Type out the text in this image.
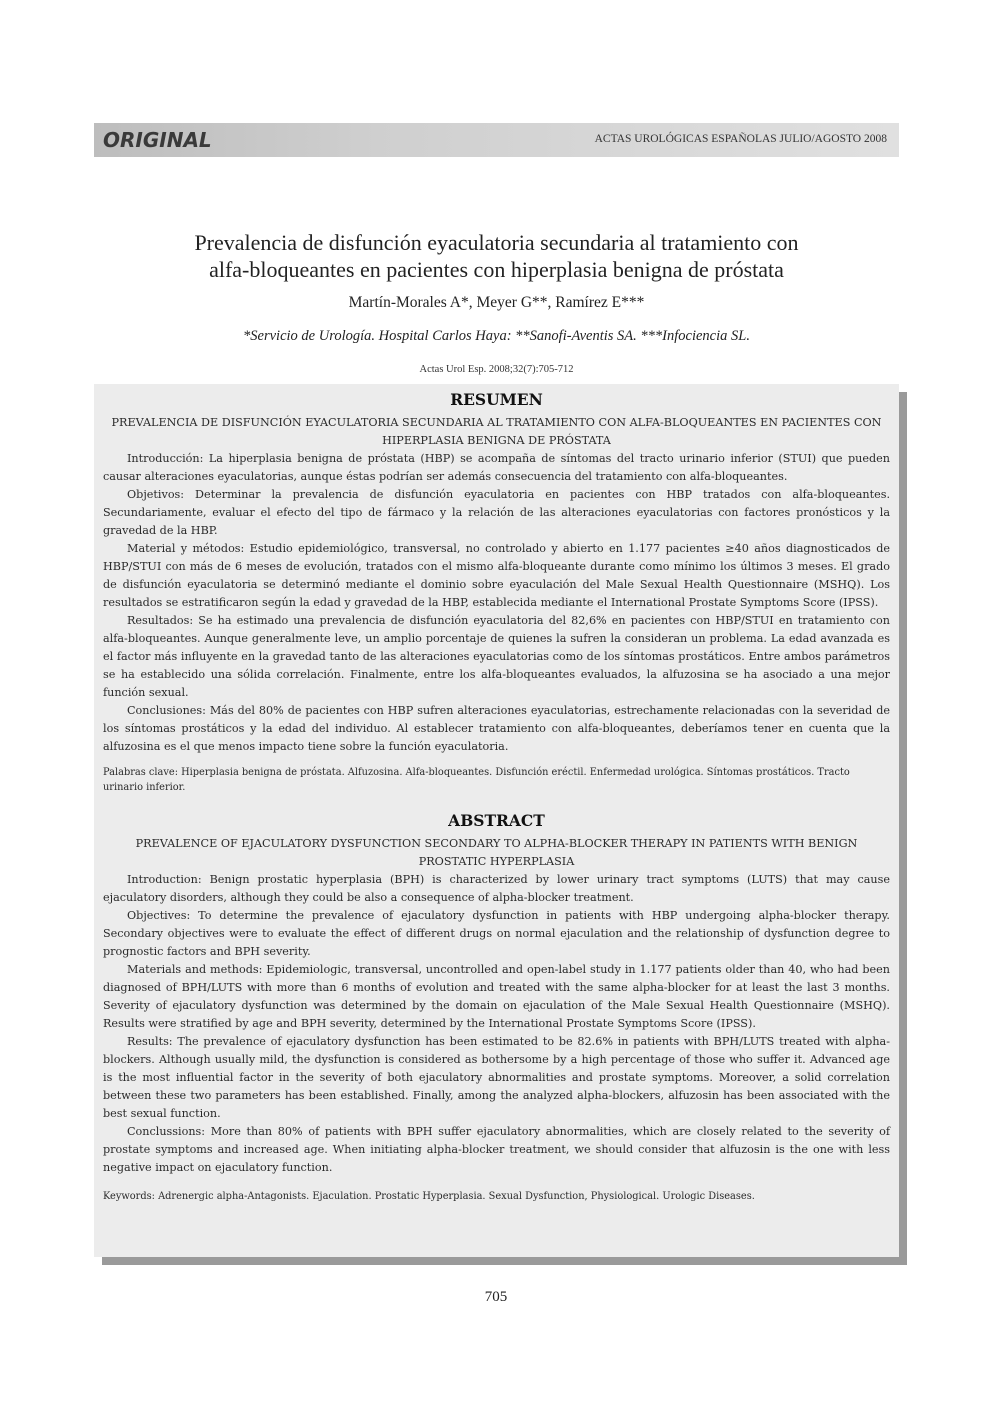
ORIGINAL	ACTAS UROLÓGICAS ESPAÑOLAS JULIO/AGOSTO 2008
Prevalencia de disfunción eyaculatoria secundaria al tratamiento con
alfa-bloqueantes en pacientes con hiperplasia benigna de próstata
Martín-Morales A*, Meyer G**, Ramírez E***
*Servicio de Urología. Hospital Carlos Haya: **Sanofi-Aventis SA. ***Infociencia SL.
Actas Urol Esp. 2008;32(7):705-712
RESUMEN
PREVALENCIA DE DISFUNCIÓN EYACULATORIA SECUNDARIA AL TRATAMIENTO CON ALFA-BLOQUEANTES EN PACIENTES CON HIPERPLASIA BENIGNA DE PRÓSTATA

Introducción: La hiperplasia benigna de próstata (HBP) se acompaña de síntomas del tracto urinario inferior (STUI) que pueden causar alteraciones eyaculatorias, aunque éstas podrían ser además consecuencia del tratamiento con alfa-bloqueantes.

Objetivos: Determinar la prevalencia de disfunción eyaculatoria en pacientes con HBP tratados con alfa-bloqueantes. Secundariamente, evaluar el efecto del tipo de fármaco y la relación de las alteraciones eyaculatorias con factores pronósticos y la gravedad de la HBP.

Material y métodos: Estudio epidemiológico, transversal, no controlado y abierto en 1.177 pacientes ≥40 años diagnosticados de HBP/STUI con más de 6 meses de evolución, tratados con el mismo alfa-bloqueante durante como mínimo los últimos 3 meses. El grado de disfunción eyaculatoria se determinó mediante el dominio sobre eyaculación del Male Sexual Health Questionnaire (MSHQ). Los resultados se estratificaron según la edad y gravedad de la HBP, establecida mediante el International Prostate Symptoms Score (IPSS).

Resultados: Se ha estimado una prevalencia de disfunción eyaculatoria del 82,6% en pacientes con HBP/STUI en tratamiento con alfa-bloqueantes. Aunque generalmente leve, un amplio porcentaje de quienes la sufren la consideran un problema. La edad avanzada es el factor más influyente en la gravedad tanto de las alteraciones eyaculatorias como de los síntomas prostáticos. Entre ambos parámetros se ha establecido una sólida correlación. Finalmente, entre los alfa-bloqueantes evaluados, la alfuzosina se ha asociado a una mejor función sexual.

Conclusiones: Más del 80% de pacientes con HBP sufren alteraciones eyaculatorias, estrechamente relacionadas con la severidad de los síntomas prostáticos y la edad del individuo. Al establecer tratamiento con alfa-bloqueantes, deberíamos tener en cuenta que la alfuzosina es el que menos impacto tiene sobre la función eyaculatoria.

Palabras clave: Hiperplasia benigna de próstata. Alfuzosina. Alfa-bloqueantes. Disfunción eréctil. Enfermedad urológica. Síntomas prostáticos. Tracto urinario inferior.
ABSTRACT
PREVALENCE OF EJACULATORY DYSFUNCTION SECONDARY TO ALPHA-BLOCKER THERAPY IN PATIENTS WITH BENIGN PROSTATIC HYPERPLASIA

Introduction: Benign prostatic hyperplasia (BPH) is characterized by lower urinary tract symptoms (LUTS) that may cause ejaculatory disorders, although they could be also a consequence of alpha-blocker treatment.

Objectives: To determine the prevalence of ejaculatory dysfunction in patients with HBP undergoing alpha-blocker therapy. Secondary objectives were to evaluate the effect of different drugs on normal ejaculation and the relationship of dysfunction degree to prognostic factors and BPH severity.

Materials and methods: Epidemiologic, transversal, uncontrolled and open-label study in 1.177 patients older than 40, who had been diagnosed of BPH/LUTS with more than 6 months of evolution and treated with the same alpha-blocker for at least the last 3 months. Severity of ejaculatory dysfunction was determined by the domain on ejaculation of the Male Sexual Health Questionnaire (MSHQ). Results were stratified by age and BPH severity, determined by the International Prostate Symptoms Score (IPSS).

Results: The prevalence of ejaculatory dysfunction has been estimated to be 82.6% in patients with BPH/LUTS treated with alpha-blockers. Although usually mild, the dysfunction is considered as bothersome by a high percentage of those who suffer it. Advanced age is the most influential factor in the severity of both ejaculatory abnormalities and prostate symptoms. Moreover, a solid correlation between these two parameters has been established. Finally, among the analyzed alpha-blockers, alfuzosin has been associated with the best sexual function.

Conclussions: More than 80% of patients with BPH suffer ejaculatory abnormalities, which are closely related to the severity of prostate symptoms and increased age. When initiating alpha-blocker treatment, we should consider that alfuzosin is the one with less negative impact on ejaculatory function.

Keywords: Adrenergic alpha-Antagonists. Ejaculation. Prostatic Hyperplasia. Sexual Dysfunction, Physiological. Urologic Diseases.
705
